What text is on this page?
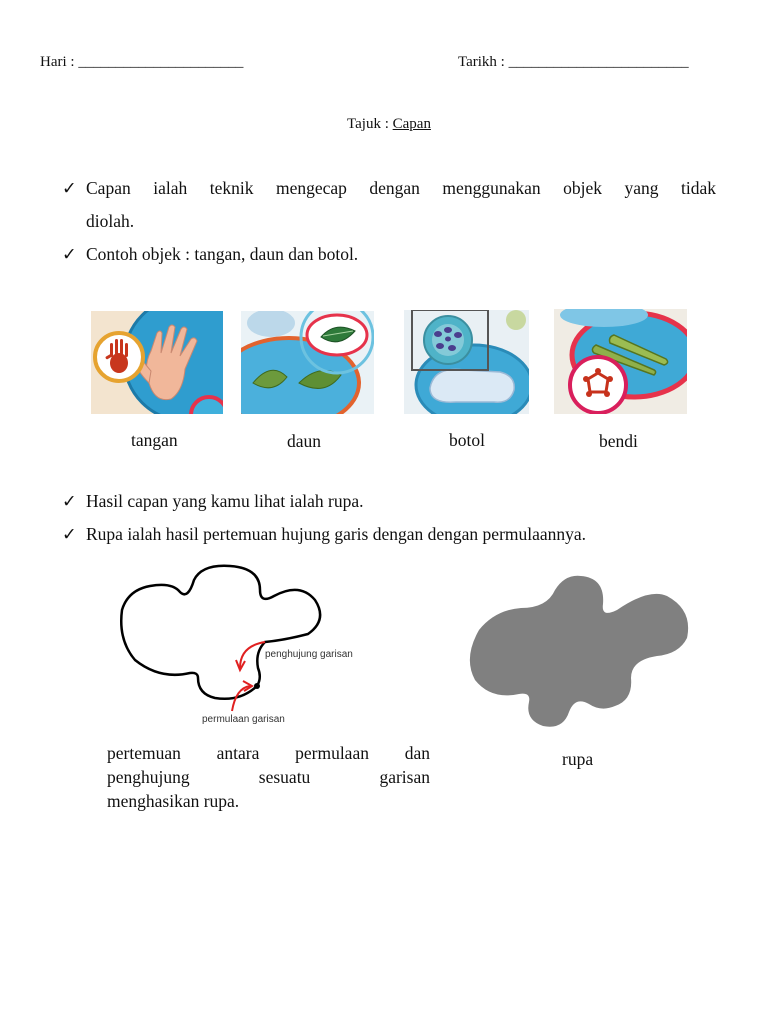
Hari : ______________________	Tarikh : ________________________
Tajuk : Capan
✓ Capan ialah teknik mengecap dengan menggunakan objek yang tidak
diolah.
✓ Contoh objek : tangan, daun dan botol.
tangan	daun	botol	bendi
✓ Hasil capan yang kamu lihat ialah rupa.
✓ Rupa ialah hasil pertemuan hujung garis dengan dengan permulaannya.
penghujung garisan
permulaan garisan
pertemuan antara permulaan dan
penghujung sesuatu garisan
menghasikan rupa.
rupa
